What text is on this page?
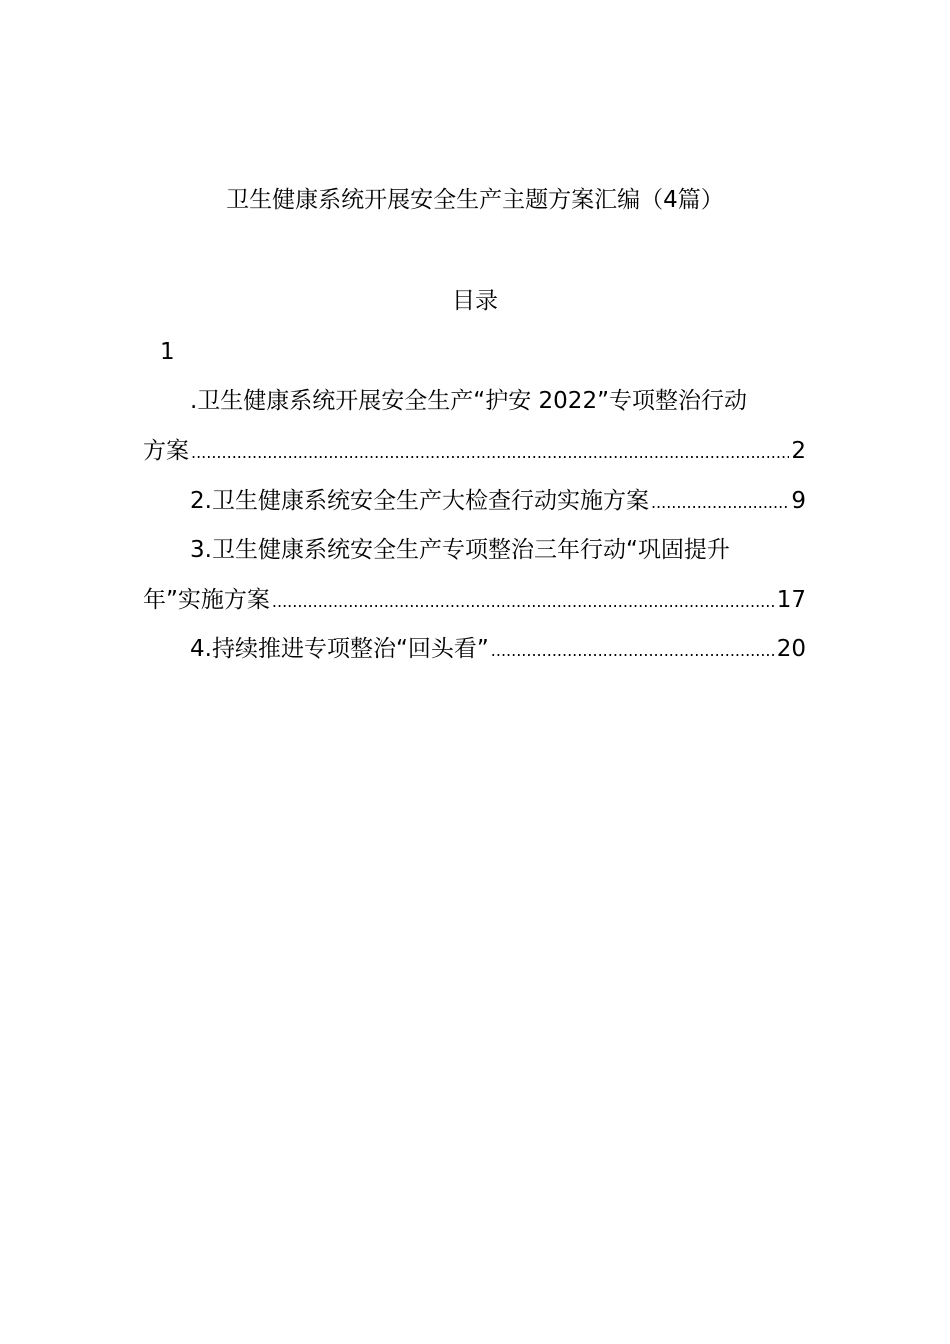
卫生健康系统开展安全生产主题方案汇编（4篇）
目录
1
.卫生健康系统开展安全生产“护安 2022”专项整治行动
方案 .....	2
2.卫生健康系统安全生产大检查行动实施方案 .....	9
3.卫生健康系统安全生产专项整治三年行动“巩固提升
年”实施方案 .....	17
4.持续推进专项整治“回头看” .....	20
